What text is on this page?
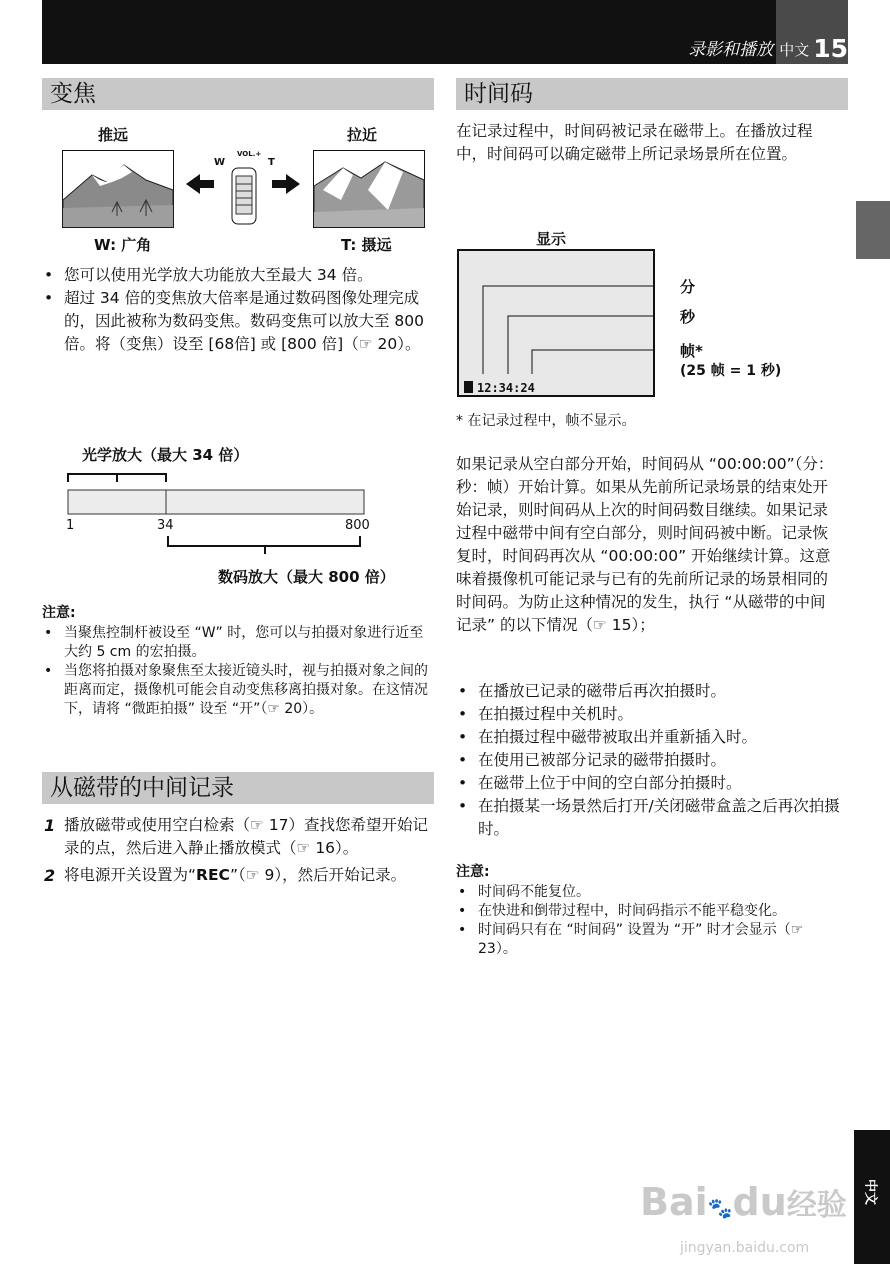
录影和播放 中文 15
变焦
推远	拉近
W
VOL.+
T
W: 广角	T: 摄远
• 您可以使用光学放大功能放大至最大 34 倍。
• 超过 34 倍的变焦放大倍率是通过数码图像处理完成的，因此被称为数码变焦。数码变焦可以放大至 800 倍。将（变焦）设至 [68倍] 或 [800 倍]（☞ 20）。
光学放大（最大 34 倍）
1	34	800
数码放大（最大 800 倍）
注意:
• 当聚焦控制杆被设至 “W” 时，您可以与拍摄对象进行近至大约 5 cm 的宏拍摄。
• 当您将拍摄对象聚焦至太接近镜头时，视与拍摄对象之间的距离而定，摄像机可能会自动变焦移离拍摄对象。在这情况下，请将 “微距拍摄” 设至 “开”（☞ 20）。
从磁带的中间记录
1 播放磁带或使用空白检索（☞ 17）查找您希望开始记录的点，然后进入静止播放模式（☞ 16）。
2 将电源开关设置为“REC”（☞ 9），然后开始记录。
时间码
在记录过程中，时间码被记录在磁带上。在播放过程中，时间码可以确定磁带上所记录场景所在位置。
显示
12:34:24
分
秒
帧*
(25 帧 = 1 秒)
* 在记录过程中，帧不显示。
如果记录从空白部分开始，时间码从 “00:00:00”（分：秒：帧）开始计算。如果从先前所记录场景的结束处开始记录，则时间码从上次的时间码数目继续。如果记录过程中磁带中间有空白部分，则时间码被中断。记录恢复时，时间码再次从 “00:00:00” 开始继续计算。这意味着摄像机可能记录与已有的先前所记录的场景相同的时间码。为防止这种情况的发生，执行 “从磁带的中间记录” 的以下情况（☞ 15）；
• 在播放已记录的磁带后再次拍摄时。
• 在拍摄过程中关机时。
• 在拍摄过程中磁带被取出并重新插入时。
• 在使用已被部分记录的磁带拍摄时。
• 在磁带上位于中间的空白部分拍摄时。
• 在拍摄某一场景然后打开/关闭磁带盒盖之后再次拍摄时。
注意:
• 时间码不能复位。
• 在快进和倒带过程中，时间码指示不能平稳变化。
• 时间码只有在 “时间码” 设置为 “开” 时才会显示（☞ 23）。
中文
Bai🐾du经验
jingyan.baidu.com
